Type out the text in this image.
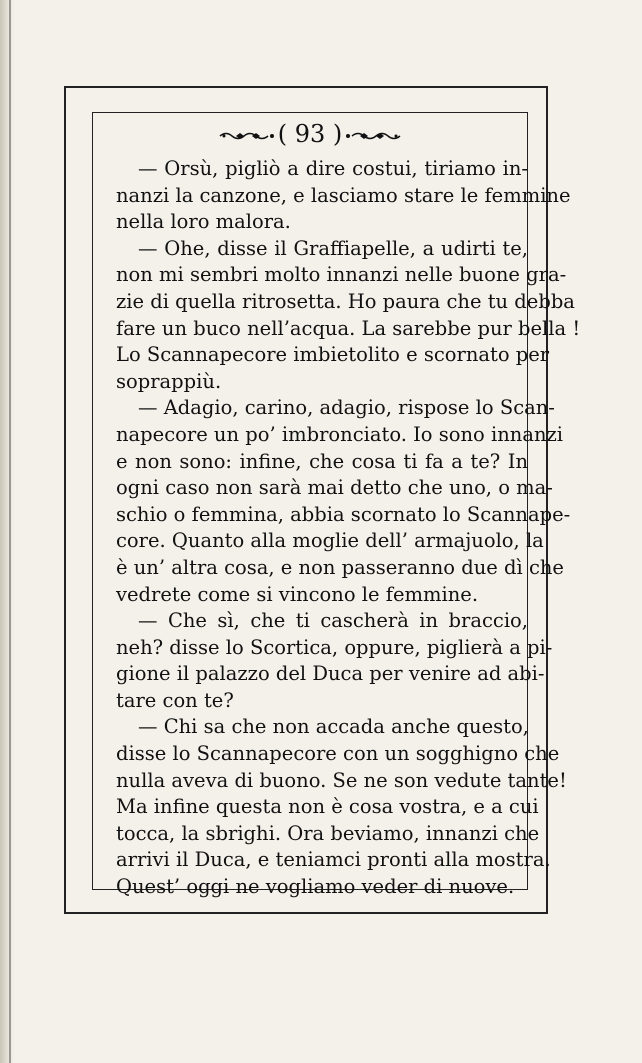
( 93 )
— Orsù, pigliò a dire costui, tiriamo in-
nanzi la canzone, e lasciamo stare le femmine
nella loro malora.
— Ohe, disse il Graffiapelle, a udirti te,
non mi sembri molto innanzi nelle buone gra-
zie di quella ritrosetta. Ho paura che tu debba
fare un buco nell’acqua. La sarebbe pur bella !
Lo Scannapecore imbietolito e scornato per
soprappiù.
— Adagio, carino, adagio, rispose lo Scan-
napecore un po’ imbronciato. Io sono innanzi
e non sono: infine, che cosa ti fa a te? In
ogni caso non sarà mai detto che uno, o ma-
schio o femmina, abbia scornato lo Scannape-
core. Quanto alla moglie dell’ armajuolo, la
è un’ altra cosa, e non passeranno due dì che
vedrete come si vincono le femmine.
— Che sì, che ti cascherà in braccio,
neh? disse lo Scortica, oppure, piglierà a pi-
gione il palazzo del Duca per venire ad abi-
tare con te?
— Chi sa che non accada anche questo,
disse lo Scannapecore con un sogghigno che
nulla aveva di buono. Se ne son vedute tante!
Ma infine questa non è cosa vostra, e a cui
tocca, la sbrighi. Ora beviamo, innanzi che
arrivi il Duca, e teniamci pronti alla mostra.
Quest’ oggi ne vogliamo veder di nuove.
